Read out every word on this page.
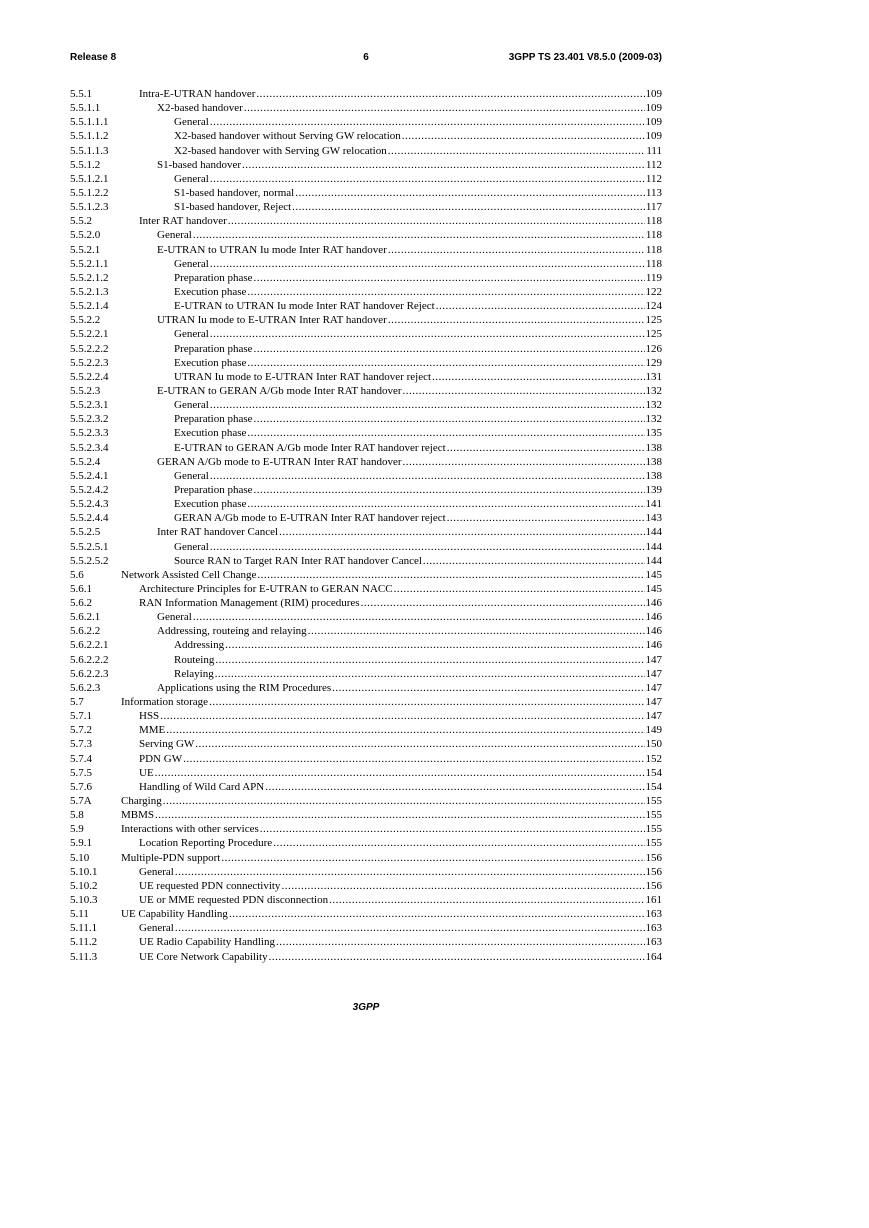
Release 8	6	3GPP TS 23.401 V8.5.0 (2009-03)
5.5.1	Intra-E-UTRAN handover .....	109
5.5.1.1	X2-based handover .....	109
5.5.1.1.1	General .....	109
5.5.1.1.2	X2-based handover without Serving GW relocation .....	109
5.5.1.1.3	X2-based handover with Serving GW relocation .....	111
5.5.1.2	S1-based handover .....	112
5.5.1.2.1	General .....	112
5.5.1.2.2	S1-based handover, normal .....	113
5.5.1.2.3	S1-based handover, Reject .....	117
5.5.2	Inter RAT handover .....	118
5.5.2.0	General .....	118
5.5.2.1	E-UTRAN to UTRAN Iu mode Inter RAT handover .....	118
5.5.2.1.1	General .....	118
5.5.2.1.2	Preparation phase .....	119
5.5.2.1.3	Execution phase .....	122
5.5.2.1.4	E-UTRAN to UTRAN Iu mode Inter RAT handover Reject .....	124
5.5.2.2	UTRAN Iu mode to E-UTRAN Inter RAT handover .....	125
5.5.2.2.1	General .....	125
5.5.2.2.2	Preparation phase .....	126
5.5.2.2.3	Execution phase .....	129
5.5.2.2.4	UTRAN Iu mode to E-UTRAN Inter RAT handover reject .....	131
5.5.2.3	E-UTRAN to GERAN A/Gb mode Inter RAT handover .....	132
5.5.2.3.1	General .....	132
5.5.2.3.2	Preparation phase .....	132
5.5.2.3.3	Execution phase .....	135
5.5.2.3.4	E-UTRAN to GERAN A/Gb mode Inter RAT handover reject .....	138
5.5.2.4	GERAN A/Gb mode to E-UTRAN Inter RAT handover .....	138
5.5.2.4.1	General .....	138
5.5.2.4.2	Preparation phase .....	139
5.5.2.4.3	Execution phase .....	141
5.5.2.4.4	GERAN A/Gb mode to E-UTRAN Inter RAT handover reject .....	143
5.5.2.5	Inter RAT handover Cancel .....	144
5.5.2.5.1	General .....	144
5.5.2.5.2	Source RAN to Target RAN Inter RAT handover Cancel .....	144
5.6	Network Assisted Cell Change .....	145
5.6.1	Architecture Principles for E-UTRAN to GERAN NACC .....	145
5.6.2	RAN Information Management (RIM) procedures .....	146
5.6.2.1	General .....	146
5.6.2.2	Addressing, routeing and relaying .....	146
5.6.2.2.1	Addressing .....	146
5.6.2.2.2	Routeing .....	147
5.6.2.2.3	Relaying .....	147
5.6.2.3	Applications using the RIM Procedures .....	147
5.7	Information storage .....	147
5.7.1	HSS .....	147
5.7.2	MME .....	149
5.7.3	Serving GW .....	150
5.7.4	PDN GW .....	152
5.7.5	UE .....	154
5.7.6	Handling of Wild Card APN .....	154
5.7A	Charging .....	155
5.8	MBMS .....	155
5.9	Interactions with other services .....	155
5.9.1	Location Reporting Procedure .....	155
5.10	Multiple-PDN support .....	156
5.10.1	General .....	156
5.10.2	UE requested PDN connectivity .....	156
5.10.3	UE or MME requested PDN disconnection .....	161
5.11	UE Capability Handling .....	163
5.11.1	General .....	163
5.11.2	UE Radio Capability Handling .....	163
5.11.3	UE Core Network Capability .....	164
3GPP
